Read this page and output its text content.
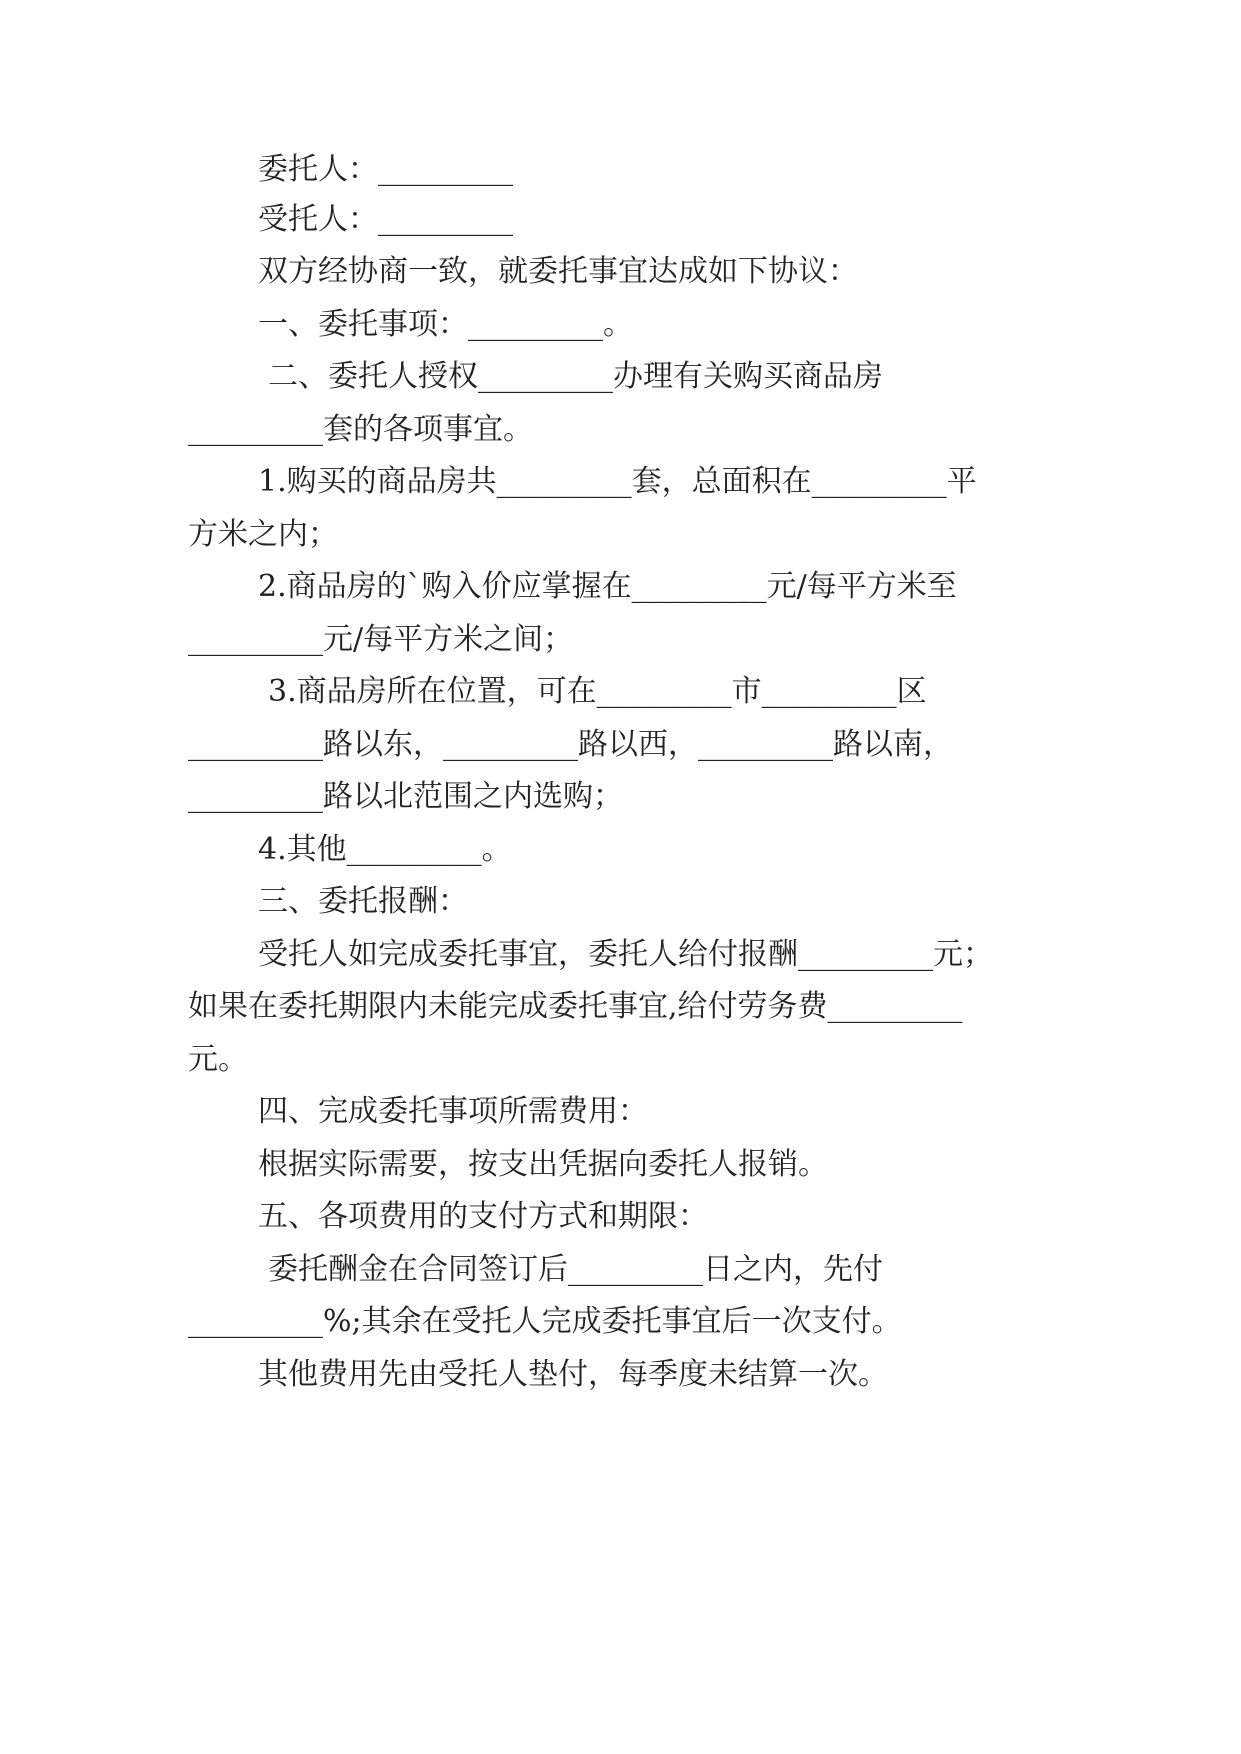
委托人：_________
受托人：_________
双方经协商一致，就委托事宜达成如下协议：
一、委托事项：_________。
二、委托人授权_________办理有关购买商品房
_________套的各项事宜。
1.购买的商品房共_________套，总面积在_________平
方米之内；
2.商品房的`购入价应掌握在_________元/每平方米至
_________元/每平方米之间；
3.商品房所在位置，可在_________市_________区
_________路以东，_________路以西，_________路以南，
_________路以北范围之内选购；
4.其他_________。
三、委托报酬：
受托人如完成委托事宜，委托人给付报酬_________元；
如果在委托期限内未能完成委托事宜,给付劳务费_________
元。
四、完成委托事项所需费用：
根据实际需要，按支出凭据向委托人报销。
五、各项费用的支付方式和期限：
委托酬金在合同签订后_________日之内，先付
_________%;其余在受托人完成委托事宜后一次支付。
其他费用先由受托人垫付，每季度未结算一次。
